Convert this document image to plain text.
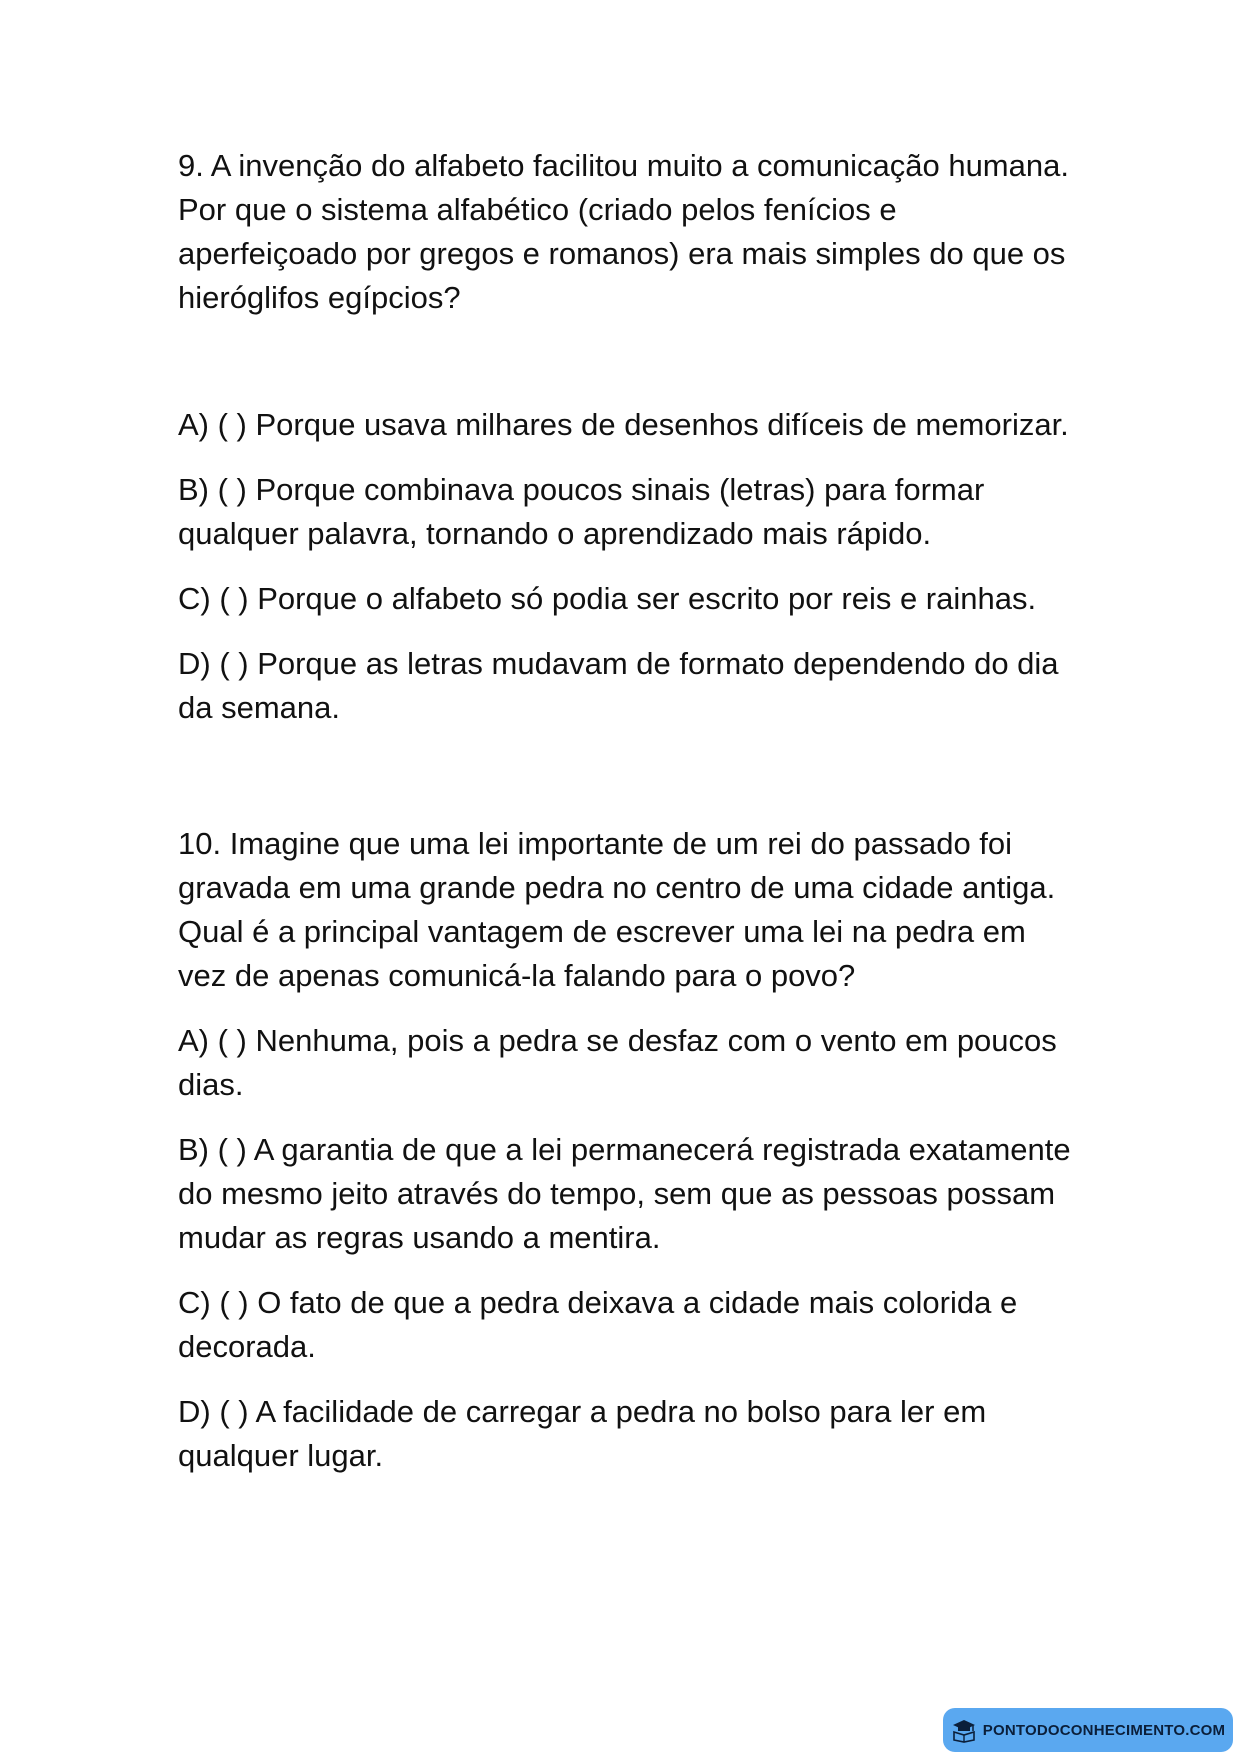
9. A invenção do alfabeto facilitou muito a comunicação humana. Por que o sistema alfabético (criado pelos fenícios e aperfeiçoado por gregos e romanos) era mais simples do que os hieróglifos egípcios?

A) ( ) Porque usava milhares de desenhos difíceis de memorizar.

B) ( ) Porque combinava poucos sinais (letras) para formar qualquer palavra, tornando o aprendizado mais rápido.

C) ( ) Porque o alfabeto só podia ser escrito por reis e rainhas.

D) ( ) Porque as letras mudavam de formato dependendo do dia da semana.

10. Imagine que uma lei importante de um rei do passado foi gravada em uma grande pedra no centro de uma cidade antiga. Qual é a principal vantagem de escrever uma lei na pedra em vez de apenas comunicá-la falando para o povo?

A) ( ) Nenhuma, pois a pedra se desfaz com o vento em poucos dias.

B) ( ) A garantia de que a lei permanecerá registrada exatamente do mesmo jeito através do tempo, sem que as pessoas possam mudar as regras usando a mentira.

C) ( ) O fato de que a pedra deixava a cidade mais colorida e decorada.

D) ( ) A facilidade de carregar a pedra no bolso para ler em qualquer lugar.

PONTODOCONHECIMENTO.COM
